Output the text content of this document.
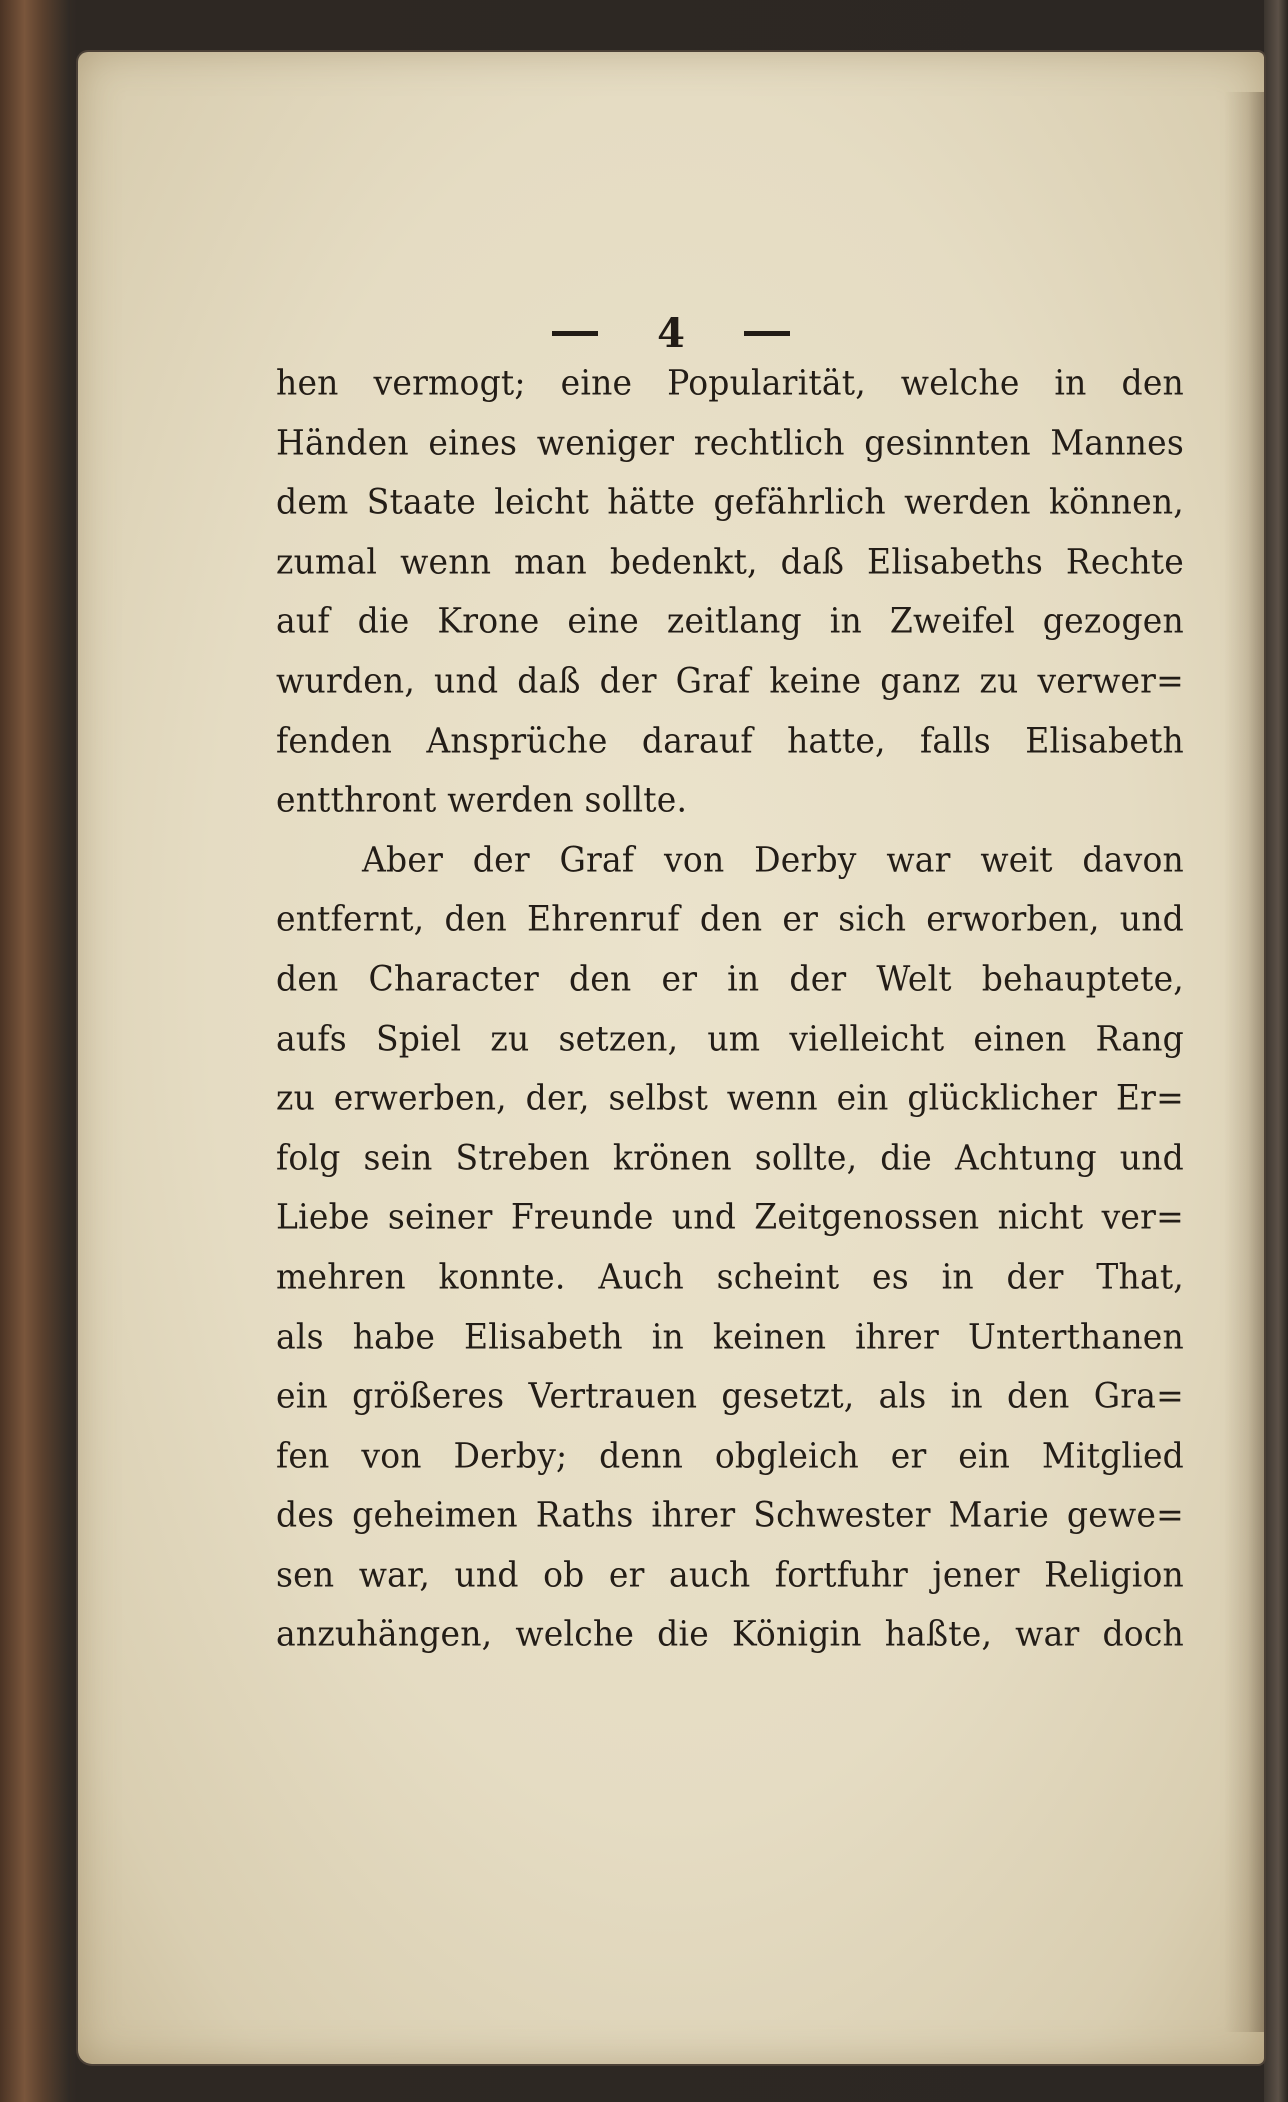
4
hen vermogt; eine Popularität, welche in den
Händen eines weniger rechtlich gesinnten Mannes
dem Staate leicht hätte gefährlich werden können,
zumal wenn man bedenkt, daß Elisabeths Rechte
auf die Krone eine zeitlang in Zweifel gezogen
wurden, und daß der Graf keine ganz zu verwer=
fenden Ansprüche darauf hatte, falls Elisabeth
entthront werden sollte.
Aber der Graf von Derby war weit davon
entfernt, den Ehrenruf den er sich erworben, und
den Character den er in der Welt behauptete,
aufs Spiel zu setzen, um vielleicht einen Rang
zu erwerben, der, selbst wenn ein glücklicher Er=
folg sein Streben krönen sollte, die Achtung und
Liebe seiner Freunde und Zeitgenossen nicht ver=
mehren konnte. Auch scheint es in der That,
als habe Elisabeth in keinen ihrer Unterthanen
ein größeres Vertrauen gesetzt, als in den Gra=
fen von Derby; denn obgleich er ein Mitglied
des geheimen Raths ihrer Schwester Marie gewe=
sen war, und ob er auch fortfuhr jener Religion
anzuhängen, welche die Königin haßte, war doch
